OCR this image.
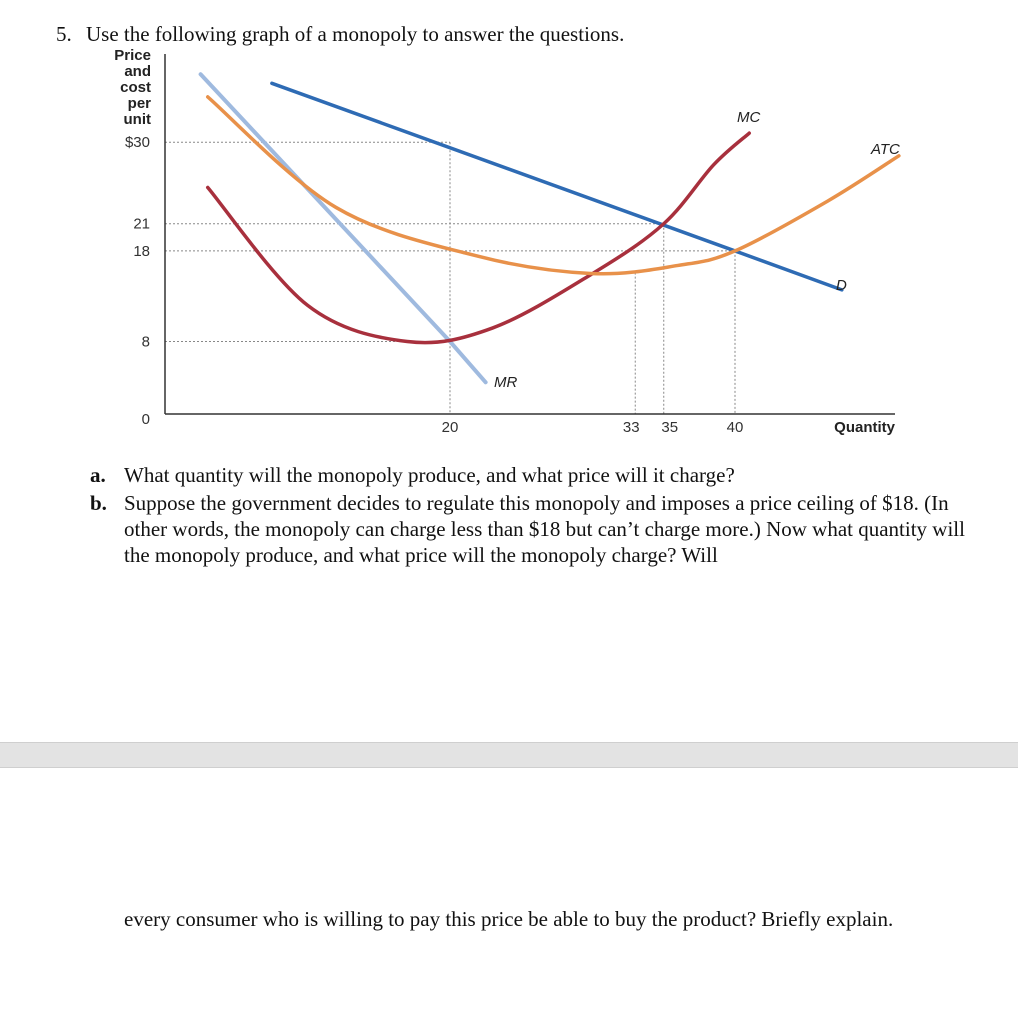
5. Use the following graph of a monopoly to answer the questions.
Price
and
cost
per
unit
$30
21
18
8
0	20	33 35	40	Quantity
D
MR
MC
ATC
a. What quantity will the monopoly produce, and what price will it charge?
b. Suppose the government decides to regulate this monopoly and imposes a price ceiling of $18. (In other words, the monopoly can charge less than $18 but can’t charge more.) Now what quantity will the monopoly produce, and what price will the monopoly charge? Will
every consumer who is willing to pay this price be able to buy the product? Briefly explain.
